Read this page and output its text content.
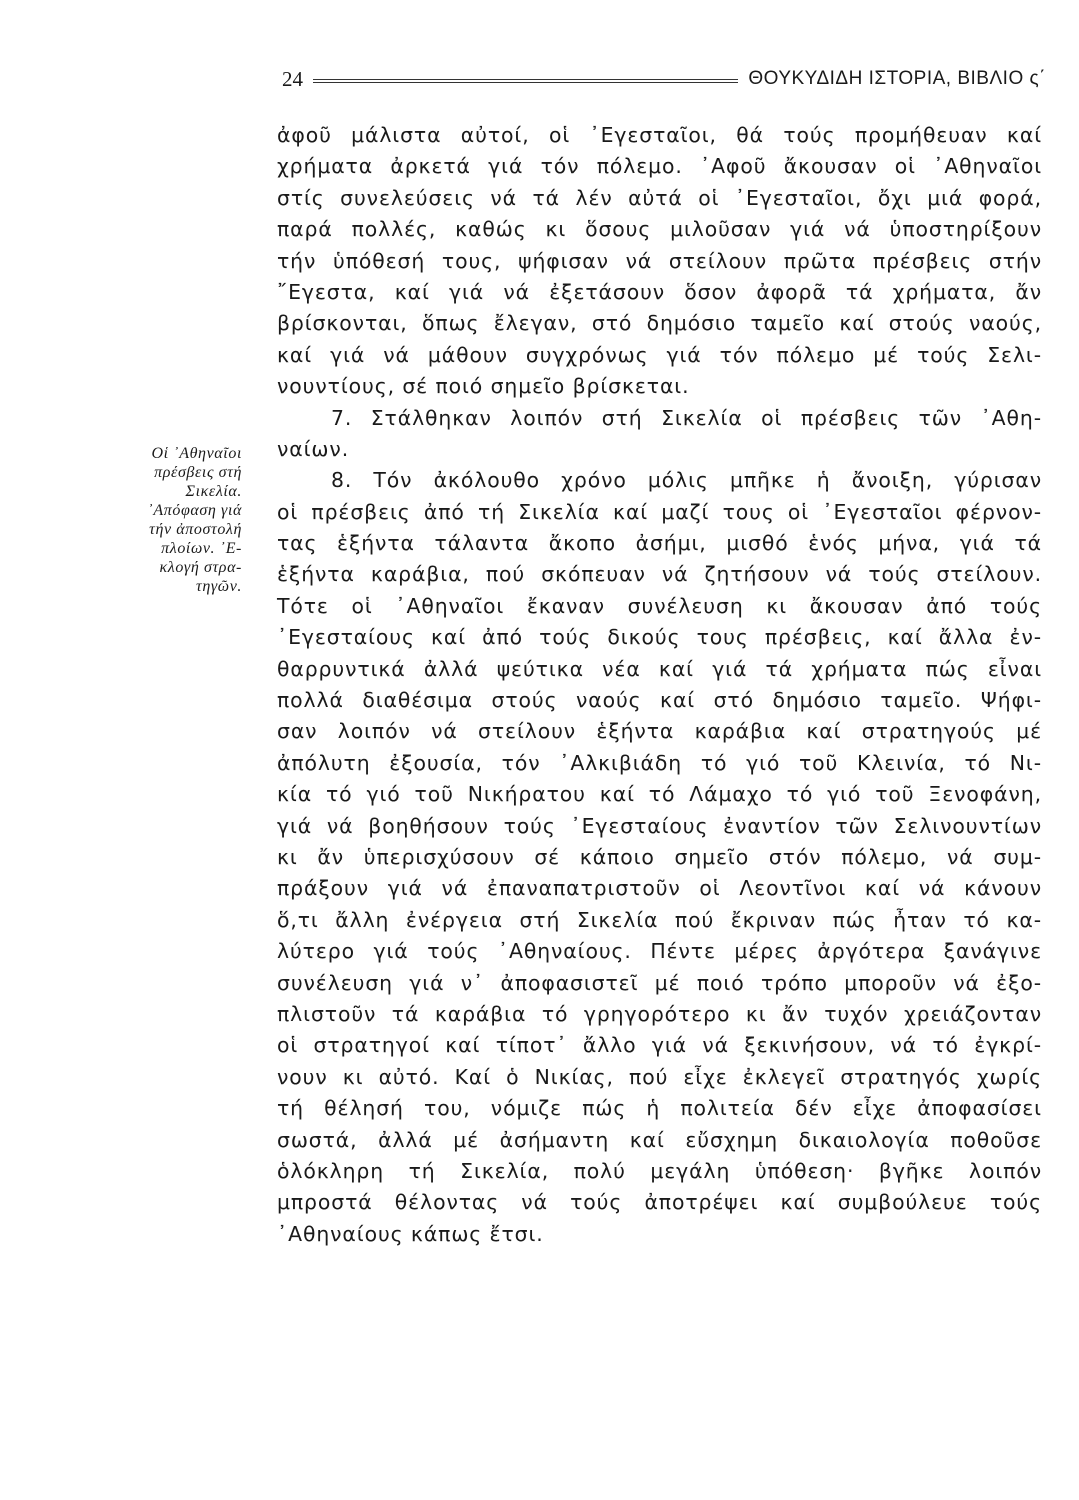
24	ΘΟΥΚΥΔΙΔΗ ΙΣΤΟΡΙΑ, ΒΙΒΛΙΟ ς΄
Οἱ ᾿Αθηναῖοι
πρέσβεις στή
Σικελία.
᾿Απόφαση γιά
τήν ἀποστολή
πλοίων. ᾿Ε-
κλογή στρα-
τηγῶν.
ἀφοῦ μάλιστα αὐτοί, οἱ ᾿Εγεσταῖοι, θά τούς προμήθευαν καί
χρήματα ἀρκετά γιά τόν πόλεμο. ᾿Αφοῦ ἄκουσαν οἱ ᾿Αθηναῖοι
στίς συνελεύσεις νά τά λέν αὐτά οἱ ᾿Εγεσταῖοι, ὄχι μιά φορά,
παρά πολλές, καθώς κι ὅσους μιλοῦσαν γιά νά ὑποστηρίξουν
τήν ὑπόθεσή τους, ψήφισαν νά στείλουν πρῶτα πρέσβεις στήν
῎Εγεστα, καί γιά νά ἐξετάσουν ὅσον ἀφορᾶ τά χρήματα, ἄν
βρίσκονται, ὅπως ἔλεγαν, στό δημόσιο ταμεῖο καί στούς ναούς,
καί γιά νά μάθουν συγχρόνως γιά τόν πόλεμο μέ τούς Σελι-
νουντίους, σέ ποιό σημεῖο βρίσκεται.
7. Στάλθηκαν λοιπόν στή Σικελία οἱ πρέσβεις τῶν ᾿Αθη-
ναίων.
8. Τόν ἀκόλουθο χρόνο μόλις μπῆκε ἡ ἄνοιξη, γύρισαν
οἱ πρέσβεις ἀπό τή Σικελία καί μαζί τους οἱ ᾿Εγεσταῖοι φέρνον-
τας ἑξήντα τάλαντα ἄκοπο ἀσήμι, μισθό ἑνός μήνα, γιά τά
ἑξήντα καράβια, πού σκόπευαν νά ζητήσουν νά τούς στείλουν.
Τότε οἱ ᾿Αθηναῖοι ἔκαναν συνέλευση κι ἄκουσαν ἀπό τούς
᾿Εγεσταίους καί ἀπό τούς δικούς τους πρέσβεις, καί ἄλλα ἐν-
θαρρυντικά ἀλλά ψεύτικα νέα καί γιά τά χρήματα πώς εἶναι
πολλά διαθέσιμα στούς ναούς καί στό δημόσιο ταμεῖο. Ψήφι-
σαν λοιπόν νά στείλουν ἑξήντα καράβια καί στρατηγούς μέ
ἀπόλυτη ἐξουσία, τόν ᾿Αλκιβιάδη τό γιό τοῦ Κλεινία, τό Νι-
κία τό γιό τοῦ Νικήρατου καί τό Λάμαχο τό γιό τοῦ Ξενοφάνη,
γιά νά βοηθήσουν τούς ᾿Εγεσταίους ἐναντίον τῶν Σελινουντίων
κι ἄν ὑπερισχύσουν σέ κάποιο σημεῖο στόν πόλεμο, νά συμ-
πράξουν γιά νά ἐπαναπατριστοῦν οἱ Λεοντῖνοι καί νά κάνουν
ὅ,τι ἄλλη ἐνέργεια στή Σικελία πού ἔκριναν πώς ἦταν τό κα-
λύτερο γιά τούς ᾿Αθηναίους. Πέντε μέρες ἀργότερα ξανάγινε
συνέλευση γιά ν᾿ ἀποφασιστεῖ μέ ποιό τρόπο μποροῦν νά ἐξο-
πλιστοῦν τά καράβια τό γρηγορότερο κι ἄν τυχόν χρειάζονταν
οἱ στρατηγοί καί τίποτ᾿ ἄλλο γιά νά ξεκινήσουν, νά τό ἐγκρί-
νουν κι αὐτό. Καί ὁ Νικίας, πού εἶχε ἐκλεγεῖ στρατηγός χωρίς
τή θέλησή του, νόμιζε πώς ἡ πολιτεία δέν εἶχε ἀποφασίσει
σωστά, ἀλλά μέ ἀσήμαντη καί εὔσχημη δικαιολογία ποθοῦσε
ὁλόκληρη τή Σικελία, πολύ μεγάλη ὑπόθεση· βγῆκε λοιπόν
μπροστά θέλοντας νά τούς ἀποτρέψει καί συμβούλευε τούς
᾿Αθηναίους κάπως ἔτσι.
